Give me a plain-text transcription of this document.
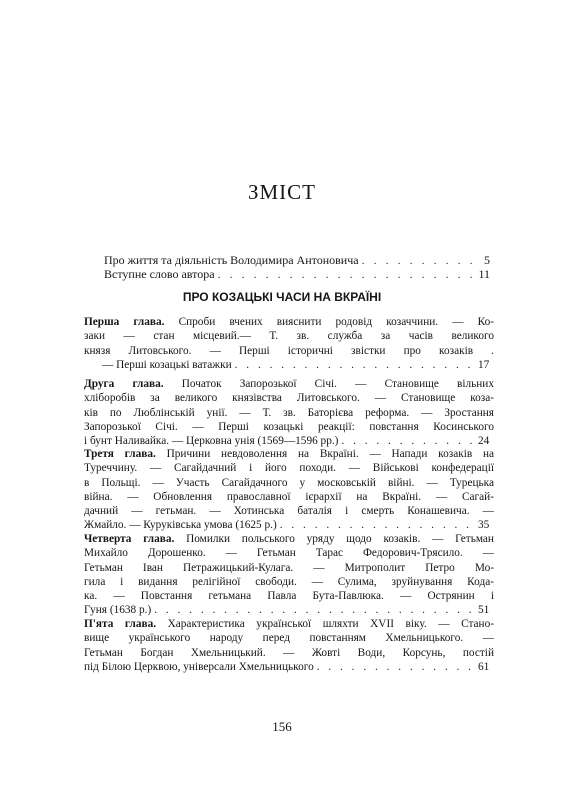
ЗМІСТ
Про життя та діяльність Володимира Антоновича . . .	5
Вступне слово автора . . .	11
ПРО КОЗАЦЬКІ ЧАСИ НА ВКРАЇНІ
Перша глава. Спроби вчених вияснити родовід козаччини. — Ко-
заки — стан місцевий.— Т. зв. служба за часів великого
князя Литовського. — Перші історичні звістки про козаків .
— Перші козацькі ватажки . . .	17
Друга глава. Початок Запорозької Січі. — Становище вільних
хліборобів за великого князівства Литовського. — Становище коза-
ків по Люблінській унії. — Т. зв. Баторієва реформа. — Зростання
Запорозької Січі. — Перші козацькі реакції: повстання Косинського
і бунт Наливайка. — Церковна унія (1569—1596 рр.) . . .	24
Третя глава. Причини невдоволення на Вкраїні. — Напади козаків на
Туреччину. — Сагайдачний і його походи. — Військові конфедерації
в Польщі. — Участь Сагайдачного у московській війні. — Турецька
війна. — Обновлення православної ієрархії на Вкраїні. — Сагай-
дачний — гетьман. — Хотинська баталія і смерть Конашевича. —
Жмайло. — Куруківська умова (1625 р.) . . .	35
Четверта глава. Помилки польського уряду щодо козаків. — Гетьман
Михайло Дорошенко. — Гетьман Тарас Федорович-Трясило. —
Гетьман Іван Петражицький-Кулага. — Митрополит Петро Мо-
гила і видання релігійної свободи. — Сулима, зруйнування Кода-
ка. — Повстання гетьмана Павла Бута-Павлюка. — Острянин і
Гуня (1638 р.) . . .	51
П'ята глава. Характеристика української шляхти XVII віку. — Стано-
вище українського народу перед повстанням Хмельницького. —
Гетьман Богдан Хмельницький. — Жовті Води, Корсунь, постій
під Білою Церквою, універсали Хмельницького . . .	61
156
